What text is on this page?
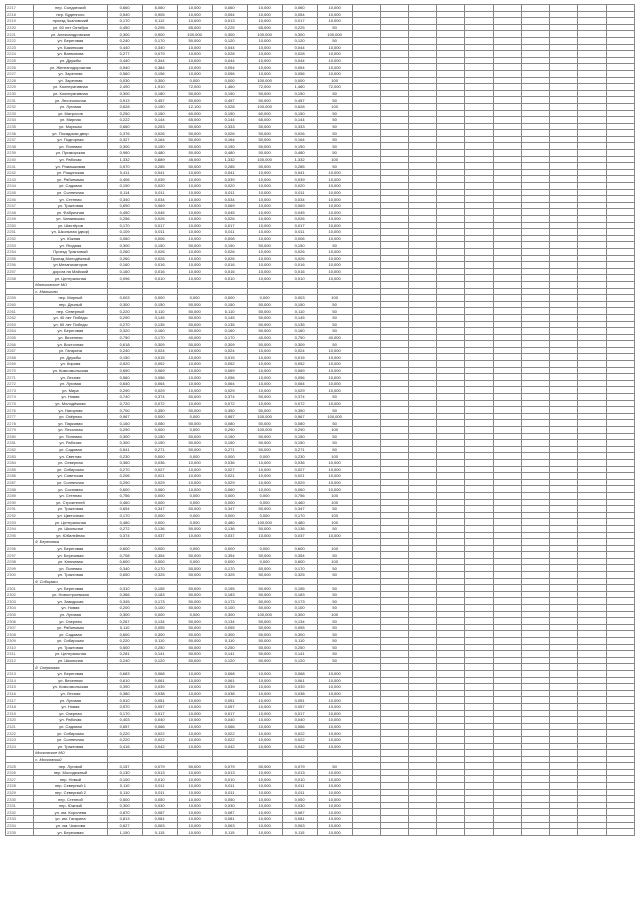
2217	пер. Солдатский	0,660	5,060	10,000	0,060	10,000	0,060	10,000										
2218	пер. Буденного	0,540	0,905	10,000	0,054	10,000	0,054	10,000										
2219	проезд Чкаловский	0,170	0,112	10,000	0,013	10,000	0,017	10,000										
2220	ул. 60 лет Октября	0,450	0,295	65,000	0,225	65,000	0,225	50										
2221	ул. Александровская	0,300	0,900	100,000	0,300	100,000	0,300	100,000										
2222	ул. Береговая	0,240	0,170	50,000	0,120	10,000	0,120	50										
2223	ул. Бакинская	0,440	0,340	10,000	0,044	10,000	0,044	10,000										
2224	ул. Ватвинова	0,277	0,079	10,000	0,028	10,000	0,028	10,000										
2225	ул. Дружбы	0,440	0,344	10,000	0,044	10,000	0,044	10,000										
2226	ул. Железнодорожная	0,540	0,384	10,000	0,054	10,000	0,054	10,000										
2227	ул. Заречная	0,560	0,156	10,000	0,056	10,000	0,056	10,000										
2228	ул. Заречная	0,030	0,300	0,000	0,000	100,000	0,000	100										
2229	ул. Кооперативная	2,490	1,910	72,000	1,460	72,000	1,460	72,000										
2230	ул. Кооперативная	0,300	0,180	50,000	0,150	50,000	0,150	50										
2231	ул. Лесопольная	0,913	0,457	50,000	0,457	50,000	0,457	50										
2232	ул. Луговая	0,628	0,150	12,100	0,028	100,000	0,628	100										
2233	ул. Матросов	0,250	0,150	60,000	0,150	60,000	0,150	50										
2234	ул. Мирная	0,222	0,144	65,000	0,144	65,000	0,144	50										
2235	ул. Морская	0,660	0,253	50,000	0,333	50,000	0,333	50										
2236	ул. Посадская двор	0,376	0,026	50,000	0,026	50,000	0,026	50										
2237	ул. Подгорная	0,327	0,164	50,000	0,164	50,000	0,164	50										
2238	ул. Полевая	0,300	0,150	50,000	0,150	50,000	0,150	50										
2239	ул. Приморская	0,960	0,480	50,000	0,480	50,000	0,480	50										
2240	ул. Рабочая	1,332	0,689	45,000	1,332	100,000	1,332	100										
2241	ул. Ромашковая	0,570	0,285	50,000	0,285	50,000	0,285	50										
2242	ул. Рощинская	0,411	0,041	10,000	0,041	10,000	0,041	10,000										
2243	ул. Рябиновая	0,406	0,039	10,000	0,039	10,000	0,039	10,000										
2244	ул. Садовая	0,190	0,020	10,000	0,020	10,000	0,020	10,000										
2245	ул. Солнечная	0,114	0,011	10,000	0,011	10,000	0,011	10,000										
2246	ул. Степная	0,340	0,034	10,000	0,034	10,000	0,034	10,000										
2247	ул. Трактовая	0,690	0,069	10,000	0,069	10,000	0,069	10,000										
2248	ул. Фабричная	0,450	0,045	10,000	0,045	10,000	0,045	10,000										
2249	ул. Чапаевская	0,256	0,026	10,000	0,026	10,000	0,026	10,000										
2250	ул. Шахтёров	0,170	0,017	10,000	0,017	10,000	0,017	10,000										
2251	ул. Школьная (двор)	0,109	0,011	10,000	0,011	10,000	0,011	10,000										
2252	ул. Южная	0,060	0,006	10,000	0,006	10,000	0,006	10,000										
2253	ул. Ягодная	0,300	0,150	50,000	0,150	50,000	0,150	50										
2254	Проезд Трактовый	0,260	0,026	10,000	0,026	10,000	0,026	10,000										
2255	Проезд Молодёжный	0,260	0,026	10,000	0,026	10,000	0,026	10,000										
2256	ул.Механизаторов	0,160	0,016	10,000	0,016	10,000	0,016	10,000										
2257	дорога на Майский	0,160	0,016	10,000	0,016	10,000	0,016	10,000										
2258	ул. Центральная	0,096	0,010	10,000	0,010	10,000	0,010	10,000										
	Мальковское МО																	
	с. Мальково																	
2259	пер. Мирный	0,003	0,000	0,000	0,000	0,000	0,003	100										
2260	пер. Дачный	0,300	0,150	50,000	0,150	50,000	0,150	50										
2261	пер. Северный	0,220	0,110	50,000	0,110	50,000	0,110	50										
2262	ул. 40 лет Победы	0,290	0,145	50,000	0,145	50,000	0,145	50										
2263	ул. 60 лет Победы	0,270	0,135	50,000	0,135	50,000	0,135	50										
2264	ул. Береговая	0,320	0,160	50,000	0,160	50,000	0,160	50										
2265	ул. Весенняя	0,750	0,170	40,000	0,170	40,000	0,750	40,000										
2266	ул. Восточная	0,618	0,309	50,000	0,309	50,000	0,309	50										
2267	ул. Гагарина	0,240	0,024	10,000	0,024	10,000	0,024	10,000										
2268	ул. Дружбы	0,150	0,015	10,000	0,015	10,000	0,015	10,000										
2269	ул. Кирова	0,520	0,052	10,000	0,052	10,000	0,052	10,000										
2270	ул. Комсомольская	0,690	0,069	10,000	0,069	10,000	0,069	10,000										
2271	ул. Лесная	0,560	0,056	10,000	0,056	10,000	0,056	10,000										
2272	ул. Луговая	0,640	0,064	10,000	0,064	10,000	0,064	10,000										
2273	ул. Мира	0,290	0,029	10,000	0,029	10,000	0,029	10,000										
2274	ул. Новая	0,740	0,374	50,000	0,374	50,000	0,374	50										
2275	ул. Молодёжная	0,720	0,072	10,000	0,072	10,000	0,072	10,000										
2276	ул. Нагорная	0,700	0,350	50,000	0,350	50,000	0,350	50										
2277	ул. Озёрная	0,967	0,000	0,000	0,967	100,000	0,967	100,000										
2278	ул. Парковая	0,160	0,080	50,000	0,080	50,000	0,080	50										
2279	ул. Песочная	0,290	0,000	0,000	0,290	100,000	0,290	100										
2280	ул. Полевая	0,300	0,150	50,000	0,150	50,000	0,150	50										
2281	ул. Рабочая	0,300	0,150	50,000	0,150	50,000	0,150	50										
2282	ул. Садовая	0,541	0,271	50,000	0,271	50,000	0,271	50										
2283	ул. Светлая	0,230	0,000	0,000	0,000	0,000	0,230	100										
2284	ул. Северная	0,360	0,036	10,000	0,036	10,000	0,036	10,000										
2285	ул. Сибирская	0,270	0,027	10,000	0,027	10,000	0,027	10,000										
2286	ул. Советская	0,206	0,021	10,000	0,021	10,000	0,021	10,000										
2287	ул. Солнечная	0,290	0,029	10,000	0,029	10,000	0,029	10,000										
2288	ул. Сосновая	0,600	0,060	10,000	0,060	10,000	0,060	10,000										
2289	ул. Степная	0,756	0,000	0,000	0,000	0,000	0,756	100										
2290	ул. Строителей	0,460	0,000	0,000	0,000	0,000	0,460	100										
2291	ул. Трактовая	0,694	0,347	50,000	0,347	50,000	0,347	50										
2292	ул. Цветочная	0,170	0,000	0,000	0,000	0,000	0,170	100										
2293	ул. Центральная	0,480	0,000	0,000	0,480	100,000	0,480	100										
2294	ул. Школьная	0,272	0,136	50,000	0,136	50,000	0,136	50										
2295	ул. Юбилейная	0,374	0,037	10,000	0,037	10,000	0,037	10,000										
	д. Березовка																	
2296	ул. Береговая	0,600	0,000	0,000	0,000	0,000	0,600	100										
2297	ул. Березовая	0,708	0,354	50,000	0,354	50,000	0,354	50										
2298	ул. Ключевая	0,600	0,000	0,000	0,000	0,000	0,600	100										
2299	ул. Полевая	0,340	0,170	50,000	0,170	50,000	0,170	50										
2300	ул. Трактовая	0,650	0,325	50,000	0,325	50,000	0,325	50										
	д. Сибиряки																	
2301	ул. Береговая	0,310	0,155	50,000	0,155	50,000	0,155	50										
2302	ул. Новостроевская	0,366	0,183	50,000	0,183	50,000	0,183	50										
2303	ул. Заводская	0,345	0,173	50,000	0,173	50,000	0,173	50										
2304	ул. Новая	0,200	0,100	50,000	0,100	50,000	0,100	50										
2305	ул. Луговая	0,300	0,000	0,000	0,300	100,000	0,300	100										
2306	ул. Озерная	0,267	0,134	50,000	0,134	50,000	0,134	50										
2307	ул. Рябиновая	0,110	0,055	50,000	0,055	50,000	0,055	50										
2308	ул. Садовая	0,600	0,300	50,000	0,300	50,000	0,300	50										
2309	ул. Сибирская	0,220	0,110	50,000	0,110	50,000	0,110	50										
2310	ул. Трактовая	0,500	0,250	50,000	0,250	50,000	0,250	50										
2311	ул. Центральная	0,281	0,141	50,000	0,141	50,000	0,141	50										
2312	ул. Школьная	0,240	0,120	50,000	0,120	50,000	0,120	50										
	д. Озерковая																	
2313	ул. Береговая	0,683	0,068	10,000	0,068	10,000	0,068	10,000										
2314	ул. Весенняя	0,610	0,061	10,000	0,061	10,000	0,061	10,000										
2315	ул. Комсомольская	0,390	0,039	10,000	0,039	10,000	0,039	10,000										
2316	ул. Лесная	0,380	0,038	10,000	0,038	10,000	0,038	10,000										
2317	ул. Луговая	0,510	0,051	10,000	0,051	10,000	0,051	10,000										
2318	ул. Новая	0,570	0,057	10,000	0,057	10,000	0,057	10,000										
2319	ул. Озерная	0,170	0,017	10,000	0,017	10,000	0,017	10,000										
2320	ул. Рабочая	0,403	0,040	10,000	0,040	10,000	0,040	10,000										
2321	ул. Садовая	0,657	0,066	10,000	0,066	10,000	0,066	10,000										
2322	ул. Сибирская	0,220	0,022	10,000	0,022	10,000	0,022	10,000										
2323	ул. Солнечная	0,220	0,022	10,000	0,022	10,000	0,022	10,000										
2324	ул. Трактовая	0,416	0,042	10,000	0,042	10,000	0,042	10,000										
	Московское МО																	
	с. Московский																	
2325	пер. Луговой	0,157	0,079	50,000	0,079	50,000	0,079	50										
2326	пер. Молодежный	0,130	0,013	10,000	0,013	10,000	0,013	10,000										
2327	пер. Новый	0,100	0,010	10,000	0,010	10,000	0,010	10,000										
2328	пер. Северный 1	0,110	0,011	10,000	0,011	10,000	0,011	10,000										
2329	пер. Северный 2	0,110	0,011	10,000	0,011	10,000	0,011	10,000										
2330	пер. Степной	0,500	0,050	10,000	0,050	10,000	0,050	10,000										
2331	пер. Южный	0,300	0,030	10,000	0,030	10,000	0,030	10,000										
2332	ул. им. Королева	0,870	0,087	10,000	0,087	10,000	0,087	10,000										
2333	ул. им. Гагарина	0,813	0,081	10,000	0,081	10,000	0,081	10,000										
2334	ул. им. Чкалова	0,627	0,063	10,000	0,063	10,000	0,063	10,000										
2335	ул. Березовая	1,150	0,115	10,000	0,115	10,000	0,115	10,000										
